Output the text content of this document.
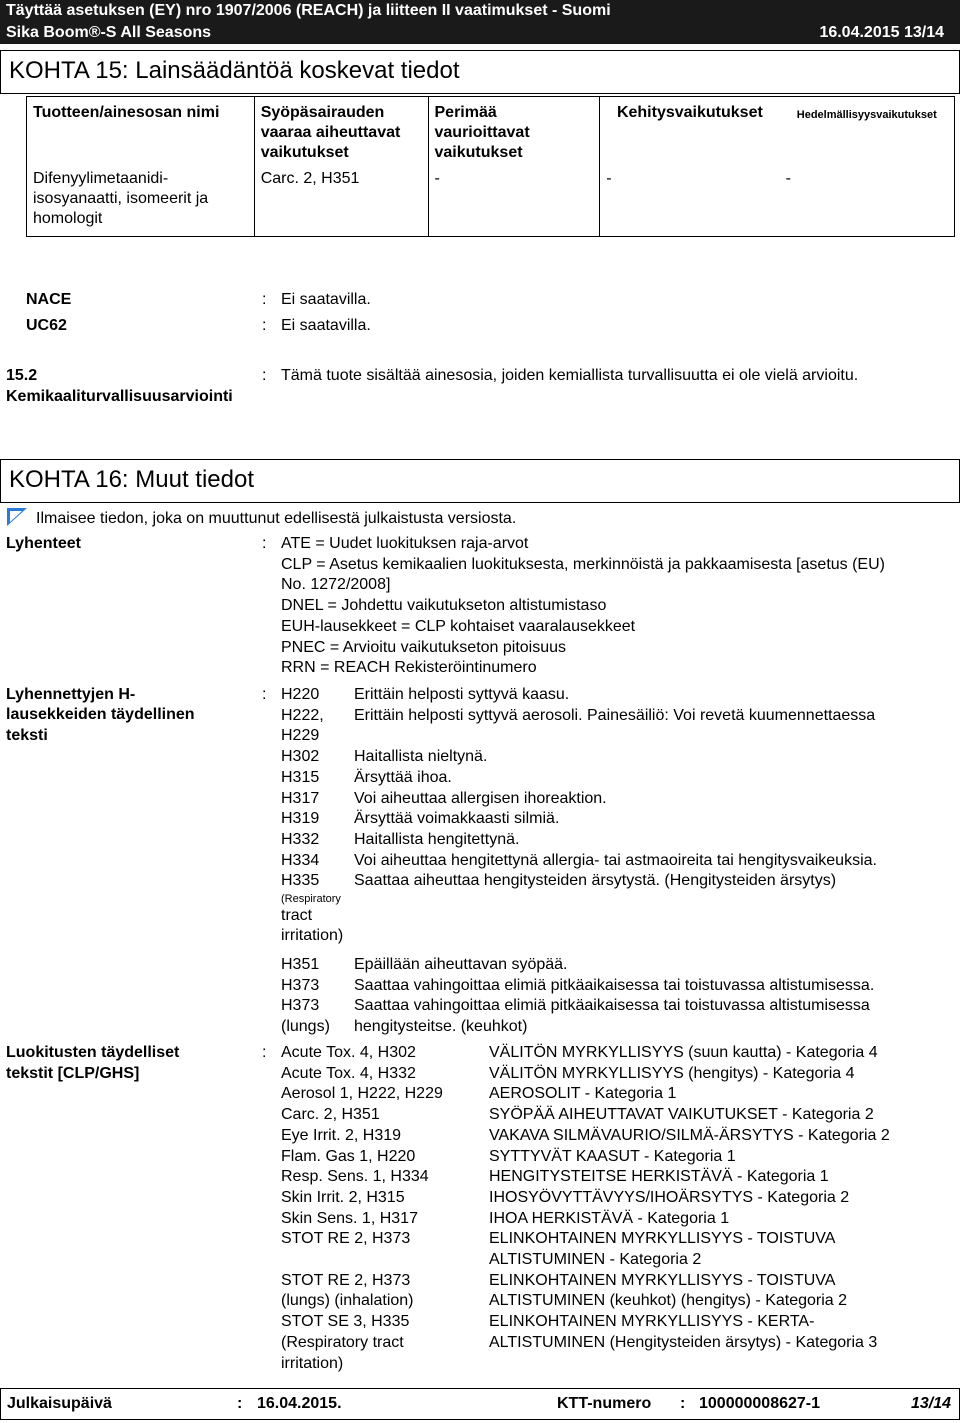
Täyttää asetuksen (EY) nro 1907/2006 (REACH) ja liitteen II vaatimukset - Suomi
Sika Boom®-S All Seasons	16.04.2015 13/14
KOHTA 15: Lainsäädäntöä koskevat tiedot
Tuotteen/ainesosan nimi	Syöpäsairauden vaaraa aiheuttavat vaikutukset	Perimää vaurioittavat vaikutukset	Kehitysvaikutukset	Hedelmällisyysvaikutukset
Difenyylimetaanidi-isosyanaatti, isomeerit ja homologit	Carc. 2, H351	-	-	-
NACE	: Ei saatavilla.
UC62	: Ei saatavilla.
15.2
Kemikaaliturvallisuusarviointi
: Tämä tuote sisältää ainesosia, joiden kemiallista turvallisuutta ei ole vielä arvioitu.
KOHTA 16: Muut tiedot
Ilmaisee tiedon, joka on muuttunut edellisestä julkaistusta versiosta.
Lyhenteet	: ATE = Uudet luokituksen raja-arvot
CLP = Asetus kemikaalien luokituksesta, merkinnöistä ja pakkaamisesta [asetus (EU)
No. 1272/2008]
DNEL = Johdettu vaikutukseton altistumistaso
EUH-lausekkeet = CLP kohtaiset vaaralausekkeet
PNEC = Arvioitu vaikutukseton pitoisuus
RRN = REACH Rekisteröintinumero
Lyhennettyjen H-
lausekkeiden täydellinen
teksti
: H220 Erittäin helposti syttyvä kaasu.
H222, Erittäin helposti syttyvä aerosoli. Painesäiliö: Voi revetä kuumennettaessa
H229
H302 Haitallista nieltynä.
H315 Ärsyttää ihoa.
H317 Voi aiheuttaa allergisen ihoreaktion.
H319 Ärsyttää voimakkaasti silmiä.
H332 Haitallista hengitettynä.
H334 Voi aiheuttaa hengitettynä allergia- tai astmaoireita tai hengitysvaikeuksia.
H335 Saattaa aiheuttaa hengitysteiden ärsytystä. (Hengitysteiden ärsytys)
(Respiratory
tract
irritation)
H351 Epäillään aiheuttavan syöpää.
H373 Saattaa vahingoittaa elimiä pitkäaikaisessa tai toistuvassa altistumisessa.
H373 Saattaa vahingoittaa elimiä pitkäaikaisessa tai toistuvassa altistumisessa
(lungs) hengitysteitse. (keuhkot)
Luokitusten täydelliset
tekstit [CLP/GHS]
: Acute Tox. 4, H302	VÄLITÖN MYRKYLLISYYS (suun kautta) - Kategoria 4
Acute Tox. 4, H332	VÄLITÖN MYRKYLLISYYS (hengitys) - Kategoria 4
Aerosol 1, H222, H229	AEROSOLIT - Kategoria 1
Carc. 2, H351	SYÖPÄÄ AIHEUTTAVAT VAIKUTUKSET - Kategoria 2
Eye Irrit. 2, H319	VAKAVA SILMÄVAURIO/SILMÄ-ÄRSYTYS - Kategoria 2
Flam. Gas 1, H220	SYTTYVÄT KAASUT - Kategoria 1
Resp. Sens. 1, H334	HENGITYSTEITSE HERKISTÄVÄ - Kategoria 1
Skin Irrit. 2, H315	IHOSYÖVYTTÄVYYS/IHOÄRSYTYS - Kategoria 2
Skin Sens. 1, H317	IHOA HERKISTÄVÄ - Kategoria 1
STOT RE 2, H373	ELINKOHTAINEN MYRKYLLISYYS - TOISTUVA
ALTISTUMINEN - Kategoria 2
STOT RE 2, H373	ELINKOHTAINEN MYRKYLLISYYS - TOISTUVA
(lungs) (inhalation)	ALTISTUMINEN (keuhkot) (hengitys) - Kategoria 2
STOT SE 3, H335	ELINKOHTAINEN MYRKYLLISYYS - KERTA-
(Respiratory tract	ALTISTUMINEN (Hengitysteiden ärsytys) - Kategoria 3
irritation)
Julkaisupäivä	: 16.04.2015.	KTT-numero : 100000008627-1	13/14
